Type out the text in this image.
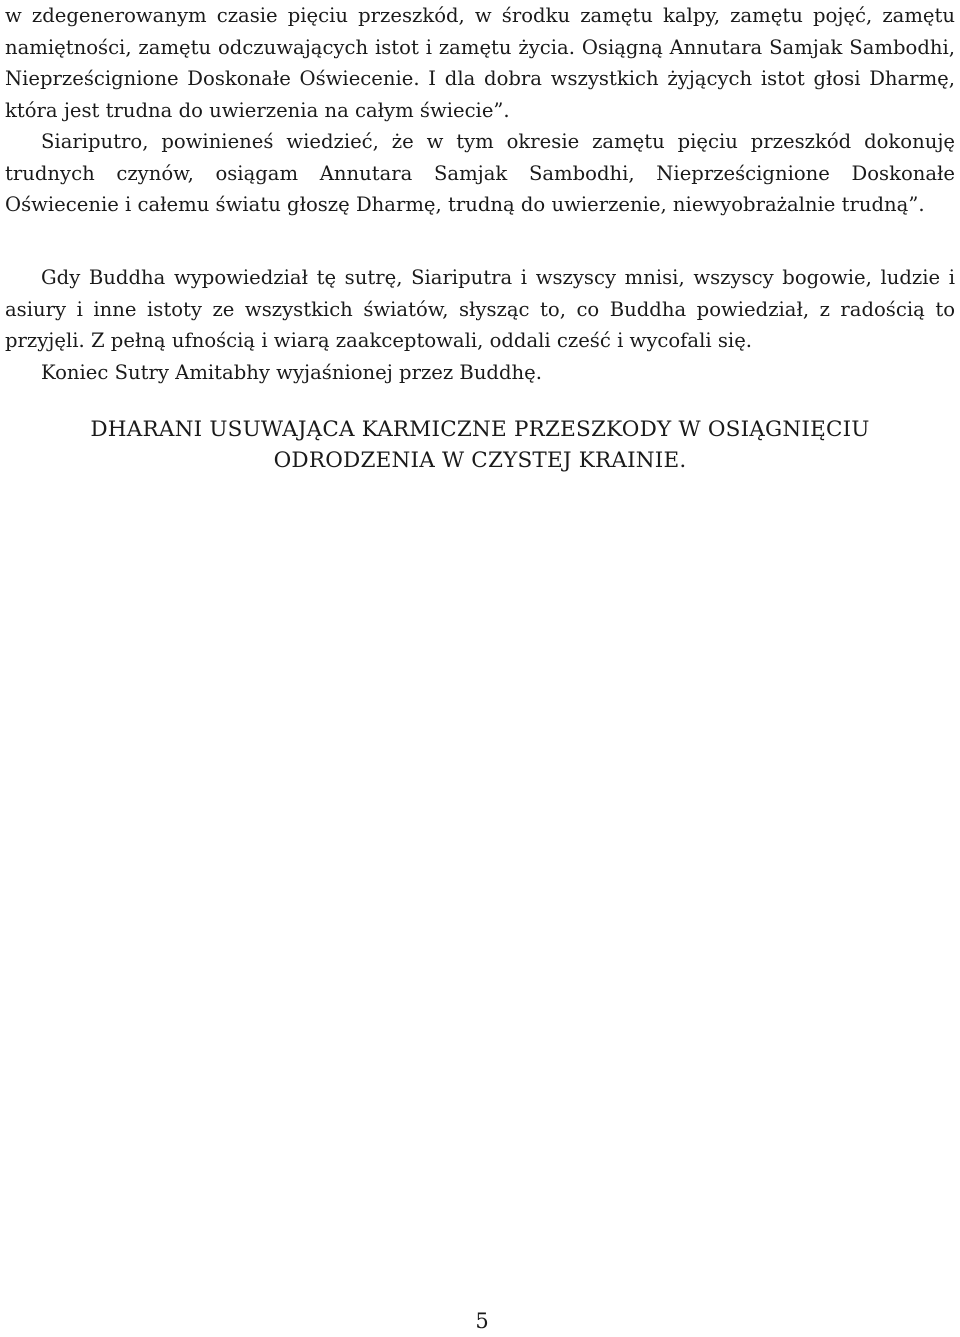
w zdegenerowanym czasie pięciu przeszkód, w środku zamętu kalpy, zamętu pojęć, zamętu namiętności, zamętu odczuwających istot i zamętu życia. Osiągną Annutara Samjak Sambodhi, Nieprześcignione Doskonałe Oświecenie. I dla dobra wszystkich żyjących istot głosi Dharmę, która jest trudna do uwierzenia na całym świecie”.

Siariputro, powinieneś wiedzieć, że w tym okresie zamętu pięciu przeszkód dokonuję trudnych czynów, osiągam Annutara Samjak Sambodhi, Nieprześcignione Doskonałe Oświecenie i całemu światu głoszę Dharmę, trudną do uwierzenie, niewyobrażalnie trudną”.

Gdy Buddha wypowiedział tę sutrę, Siariputra i wszyscy mnisi, wszyscy bogowie, ludzie i asiury i inne istoty ze wszystkich światów, słysząc to, co Buddha powiedział, z radością to przyjęli. Z pełną ufnością i wiarą zaakceptowali, oddali cześć i wycofali się.

Koniec Sutry Amitabhy wyjaśnionej przez Buddhę.

DHARANI USUWAJĄCA KARMICZNE PRZESZKODY W OSIĄGNIĘCIU
ODRODZENIA W CZYSTEJ KRAINIE.
5
